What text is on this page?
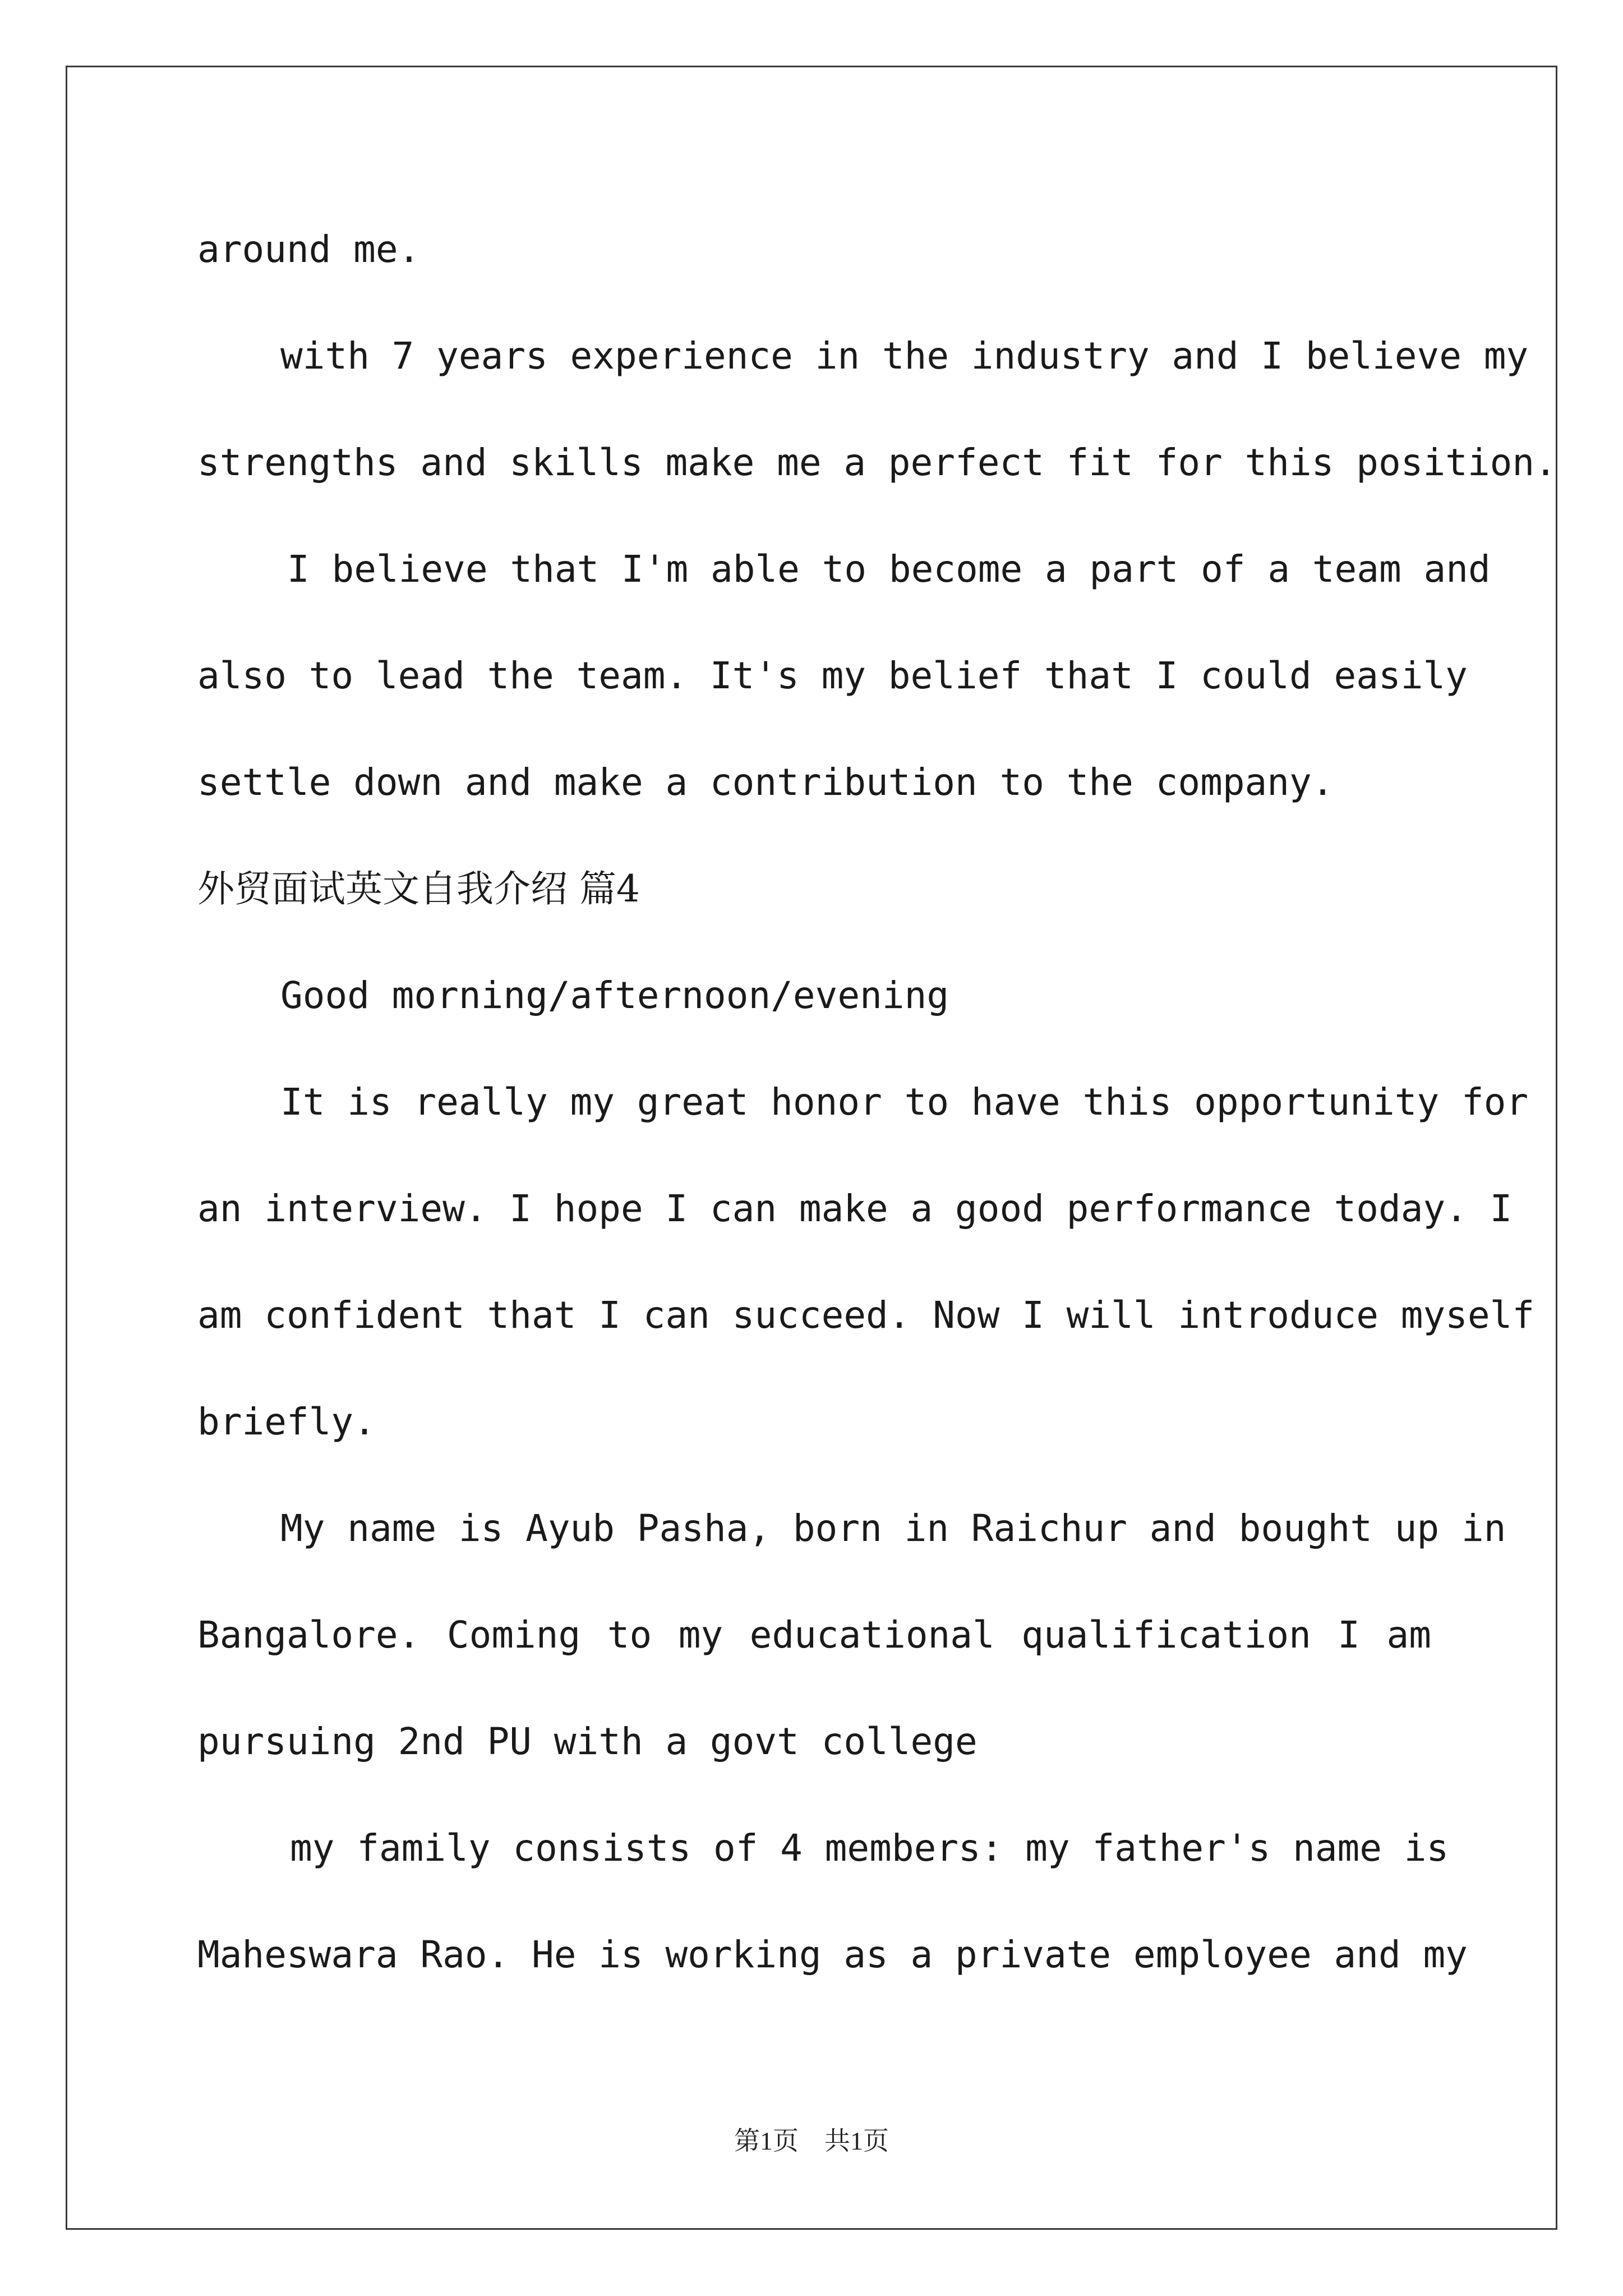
around me.
with 7 years experience in the industry and I believe my
strengths and skills make me a perfect fit for this position.
I believe that I'm able to become a part of a team and
also to lead the team. It's my belief that I could easily
settle down and make a contribution to the company.
外贸面试英文自我介绍 篇4
Good morning/afternoon/evening
It is really my great honor to have this opportunity for
an interview. I hope I can make a good performance today. I
am confident that I can succeed. Now I will introduce myself
briefly.
My name is Ayub Pasha, born in Raichur and bought up in
Bangalore. Coming to my educational qualification I am
pursuing 2nd PU with a govt college
my family consists of 4 members: my father's name is
Maheswara Rao. He is working as a private employee and my
第1页　共1页
